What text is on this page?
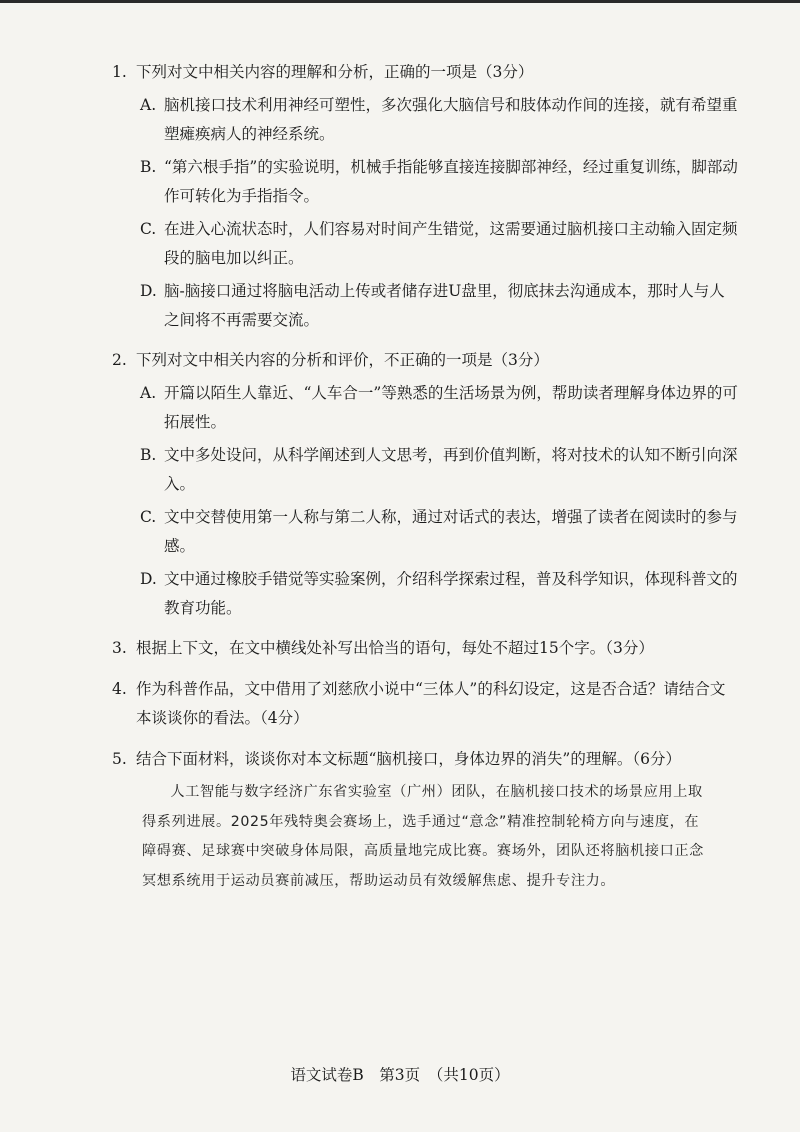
1. 下列对文中相关内容的理解和分析，正确的一项是（3分）
A. 脑机接口技术利用神经可塑性，多次强化大脑信号和肢体动作间的连接，就有希望重塑瘫痪病人的神经系统。
B. “第六根手指”的实验说明，机械手指能够直接连接脚部神经，经过重复训练，脚部动作可转化为手指指令。
C. 在进入心流状态时，人们容易对时间产生错觉，这需要通过脑机接口主动输入固定频段的脑电加以纠正。
D. 脑-脑接口通过将脑电活动上传或者储存进U盘里，彻底抹去沟通成本，那时人与人之间将不再需要交流。
2. 下列对文中相关内容的分析和评价，不正确的一项是（3分）
A. 开篇以陌生人靠近、“人车合一”等熟悉的生活场景为例，帮助读者理解身体边界的可拓展性。
B. 文中多处设问，从科学阐述到人文思考，再到价值判断，将对技术的认知不断引向深入。
C. 文中交替使用第一人称与第二人称，通过对话式的表达，增强了读者在阅读时的参与感。
D. 文中通过橡胶手错觉等实验案例，介绍科学探索过程，普及科学知识，体现科普文的教育功能。
3. 根据上下文，在文中横线处补写出恰当的语句，每处不超过15个字。（3分）
4. 作为科普作品，文中借用了刘慈欣小说中“三体人”的科幻设定，这是否合适？请结合文本谈谈你的看法。（4分）
5. 结合下面材料，谈谈你对本文标题“脑机接口，身体边界的消失”的理解。（6分）
人工智能与数字经济广东省实验室（广州）团队，在脑机接口技术的场景应用上取得系列进展。2025年残特奥会赛场上，选手通过“意念”精准控制轮椅方向与速度，在障碍赛、足球赛中突破身体局限，高质量地完成比赛。赛场外，团队还将脑机接口正念冥想系统用于运动员赛前减压，帮助运动员有效缓解焦虑、提升专注力。
语文试卷B　第3页　（共10页）
